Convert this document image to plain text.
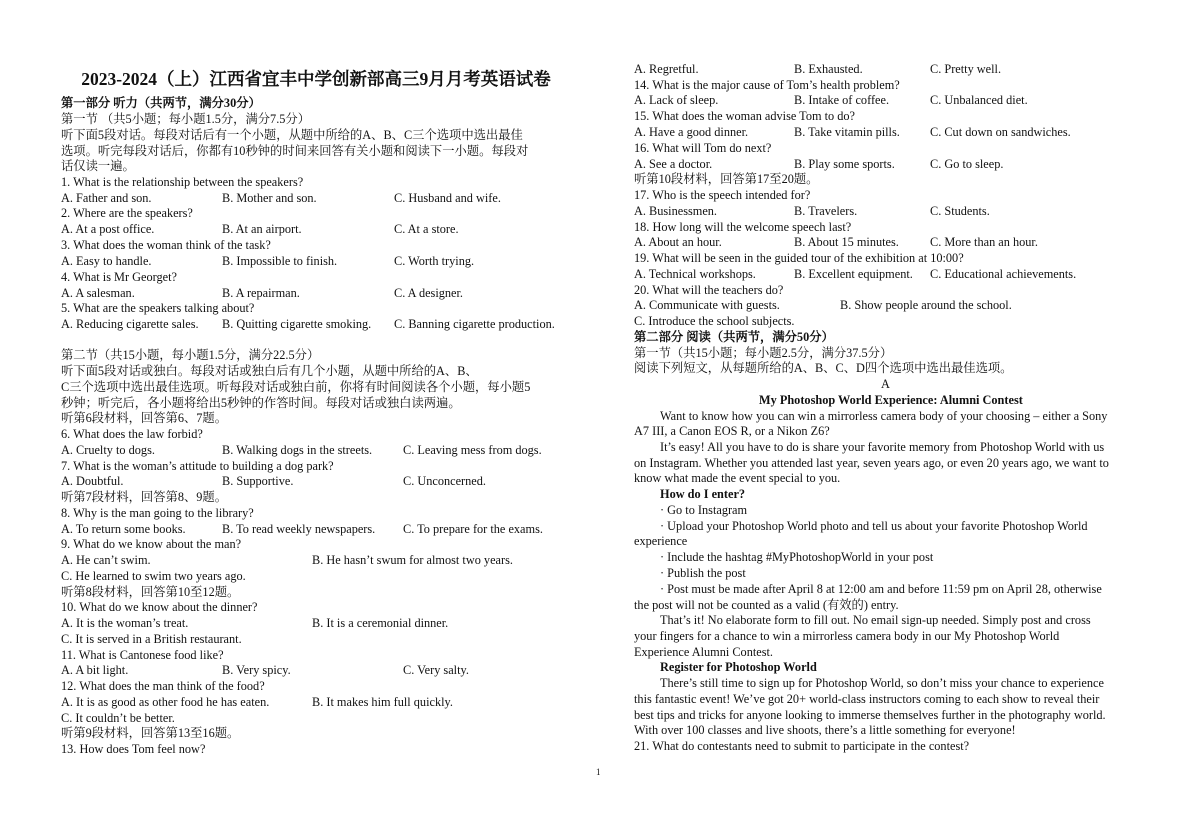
2023-2024（上）江西省宜丰中学创新部高三9月月考英语试卷
第一部分 听力（共两节，满分30分）
第一节 （共5小题；每小题1.5分，满分7.5分）
听下面5段对话。每段对话后有一个小题，从题中所给的A、B、C三个选项中选出最佳
选项。听完每段对话后，你都有10秒钟的时间来回答有关小题和阅读下一小题。每段对
话仅读一遍。
1. What is the relationship between the speakers?
A. Father and son.	B. Mother and son.	C. Husband and wife.
2. Where are the speakers?
A. At a post office.	B. At an airport.	C. At a store.
3. What does the woman think of the task?
A. Easy to handle.	B. Impossible to finish.	C. Worth trying.
4. What is Mr Georget?
A. A salesman.	B. A repairman.	C. A designer.
5. What are the speakers talking about?
A. Reducing cigarette sales. B. Quitting cigarette smoking. C. Banning cigarette production.
第二节（共15小题，每小题1.5分，满分22.5分）
听下面5段对话或独白。每段对话或独白后有几个小题，从题中所给的A、B、
C三个选项中选出最佳选项。听每段对话或独白前，你将有时间阅读各个小题，每小题5
秒钟；听完后，各小题将给出5秒钟的作答时间。每段对话或独白读两遍。
听第6段材料，回答第6、7题。
6. What does the law forbid?
A. Cruelty to dogs.	B. Walking dogs in the streets.	C. Leaving mess from dogs.
7. What is the woman’s attitude to building a dog park?
A. Doubtful.	B. Supportive.	C. Unconcerned.
听第7段材料，回答第8、9题。
8. Why is the man going to the library?
A. To return some books.	B. To read weekly newspapers. C. To prepare for the exams.
9. What do we know about the man?
A. He can’t swim.	B. He hasn’t swum for almost two years.
C. He learned to swim two years ago.
听第8段材料，回答第10至12题。
10. What do we know about the dinner?
A. It is the woman’s treat.	B. It is a ceremonial dinner.
C. It is served in a British restaurant.
11. What is Cantonese food like?
A. A bit light.	B. Very spicy.	C. Very salty.
12. What does the man think of the food?
A. It is as good as other food he has eaten.	B. It makes him full quickly.
C. It couldn’t be better.
听第9段材料，回答第13至16题。
13. How does Tom feel now?
A. Regretful.	B. Exhausted.	C. Pretty well.
14. What is the major cause of Tom’s health problem?
A. Lack of sleep.	B. Intake of coffee.	C. Unbalanced diet.
15. What does the woman advise Tom to do?
A. Have a good dinner.	B. Take vitamin pills. C. Cut down on sandwiches.
16. What will Tom do next?
A. See a doctor.	B. Play some sports.	C. Go to sleep.
听第10段材料，回答第17至20题。
17. Who is the speech intended for?
A. Businessmen.	B. Travelers.	C. Students.
18. How long will the welcome speech last?
A. About an hour.	B. About 15 minutes.	C. More than an hour.
19. What will be seen in the guided tour of the exhibition at 10:00?
A. Technical workshops.	B. Excellent equipment. C. Educational achievements.
20. What will the teachers do?
A. Communicate with guests.	B. Show people around the school.
C. Introduce the school subjects.
第二部分 阅读（共两节，满分50分）
第一节（共15小题；每小题2.5分，满分37.5分）
阅读下列短文，从每题所给的A、B、C、D四个选项中选出最佳选项。
A
My Photoshop World Experience: Alumni Contest
Want to know how you can win a mirrorless camera body of your choosing – either a Sony
A7 III, a Canon EOS R, or a Nikon Z6?
It’s easy! All you have to do is share your favorite memory from Photoshop World with us
on Instagram. Whether you attended last year, seven years ago, or even 20 years ago, we want to
know what made the event special to you.
How do I enter?
· Go to Instagram
· Upload your Photoshop World photo and tell us about your favorite Photoshop World
experience
· Include the hashtag #MyPhotoshopWorld in your post
· Publish the post
· Post must be made after April 8 at 12:00 am and before 11:59 pm on April 28, otherwise
the post will not be counted as a valid (有效的) entry.
That’s it! No elaborate form to fill out. No email sign-up needed. Simply post and cross
your fingers for a chance to win a mirrorless camera body in our My Photoshop World
Experience Alumni Contest.
Register for Photoshop World
There’s still time to sign up for Photoshop World, so don’t miss your chance to experience
this fantastic event! We’ve got 20+ world-class instructors coming to each show to reveal their
best tips and tricks for anyone looking to immerse themselves further in the photography world.
With over 100 classes and live shoots, there’s a little something for everyone!
21. What do contestants need to submit to participate in the contest?
1
